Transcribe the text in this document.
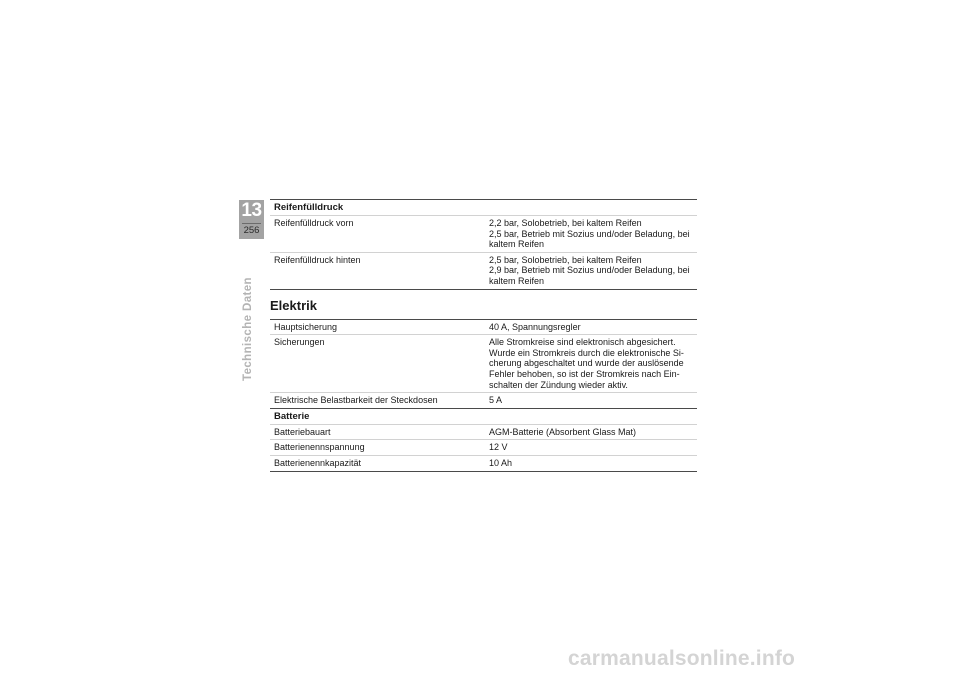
13
256
Technische Daten
Reifenfülldruck
Reifenfülldruck vorn	2,2 bar, Solobetrieb, bei kaltem Reifen
2,5 bar, Betrieb mit Sozius und/oder Beladung, bei
kaltem Reifen
Reifenfülldruck hinten	2,5 bar, Solobetrieb, bei kaltem Reifen
2,9 bar, Betrieb mit Sozius und/oder Beladung, bei
kaltem Reifen
Elektrik
Hauptsicherung	40 A, Spannungsregler
Sicherungen	Alle Stromkreise sind elektronisch abgesichert.
Wurde ein Stromkreis durch die elektronische Si-
cherung abgeschaltet und wurde der auslösende
Fehler behoben, so ist der Stromkreis nach Ein-
schalten der Zündung wieder aktiv.
Elektrische Belastbarkeit der Steckdosen	5 A
Batterie
Batteriebauart	AGM-Batterie (Absorbent Glass Mat)
Batterienennspannung	12 V
Batterienennkapazität	10 Ah
carmanualsonline.info
